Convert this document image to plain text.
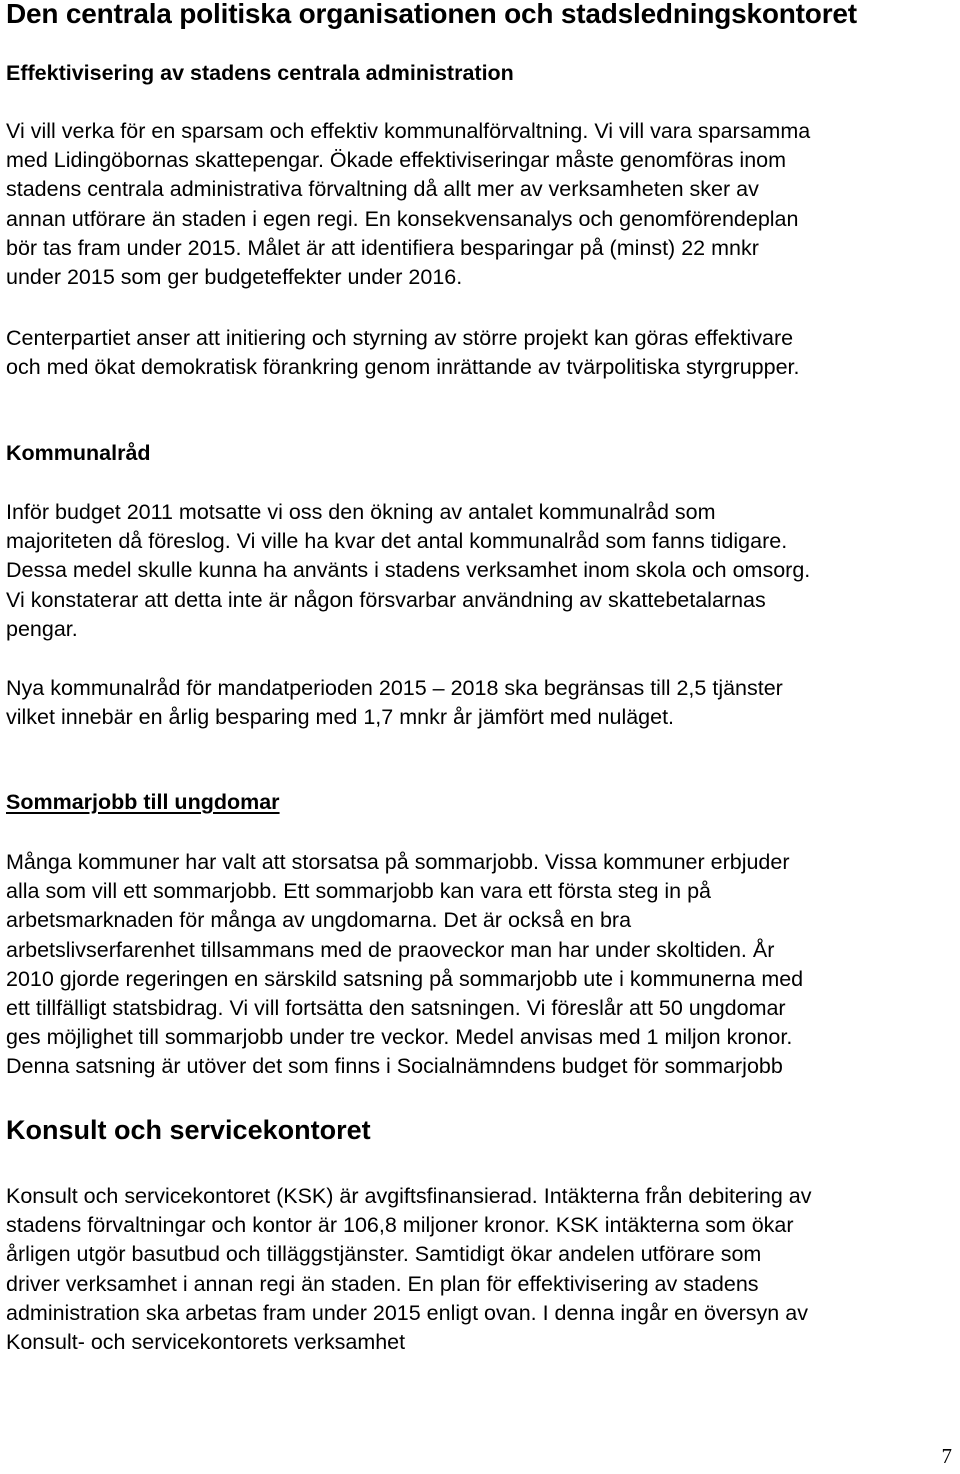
Den centrala politiska organisationen och stadsledningskontoret
Effektivisering av stadens centrala administration
Vi vill verka för en sparsam och effektiv kommunalförvaltning. Vi vill vara sparsamma
med Lidingöbornas skattepengar. Ökade effektiviseringar måste genomföras inom
stadens centrala administrativa förvaltning då allt mer av verksamheten sker av
annan utförare än staden i egen regi. En konsekvensanalys och genomförendeplan
bör tas fram under 2015. Målet är att identifiera besparingar på (minst) 22 mnkr
under 2015 som ger budgeteffekter under 2016.
Centerpartiet anser att initiering och styrning av större projekt kan göras effektivare
och med ökat demokratisk förankring genom inrättande av tvärpolitiska styrgrupper.
Kommunalråd
Inför budget 2011 motsatte vi oss den ökning av antalet kommunalråd som
majoriteten då föreslog. Vi ville ha kvar det antal kommunalråd som fanns tidigare.
Dessa medel skulle kunna ha använts i stadens verksamhet inom skola och omsorg.
Vi konstaterar att detta inte är någon försvarbar användning av skattebetalarnas
pengar.
Nya kommunalråd för mandatperioden 2015 – 2018 ska begränsas till 2,5 tjänster
vilket innebär en årlig besparing med 1,7 mnkr år jämfört med nuläget.
Sommarjobb till ungdomar
Många kommuner har valt att storsatsa på sommarjobb. Vissa kommuner erbjuder
alla som vill ett sommarjobb. Ett sommarjobb kan vara ett första steg in på
arbetsmarknaden för många av ungdomarna. Det är också en bra
arbetslivserfarenhet tillsammans med de praoveckor man har under skoltiden. År
2010 gjorde regeringen en särskild satsning på sommarjobb ute i kommunerna med
ett tillfälligt statsbidrag. Vi vill fortsätta den satsningen. Vi föreslår att 50 ungdomar
ges möjlighet till sommarjobb under tre veckor. Medel anvisas med 1 miljon kronor.
Denna satsning är utöver det som finns i Socialnämndens budget för sommarjobb
Konsult och servicekontoret
Konsult och servicekontoret (KSK) är avgiftsfinansierad. Intäkterna från debitering av
stadens förvaltningar och kontor är 106,8 miljoner kronor. KSK intäkterna som ökar
årligen utgör basutbud och tilläggstjänster. Samtidigt ökar andelen utförare som
driver verksamhet i annan regi än staden. En plan för effektivisering av stadens
administration ska arbetas fram under 2015 enligt ovan. I denna ingår en översyn av
Konsult- och servicekontorets verksamhet
7
